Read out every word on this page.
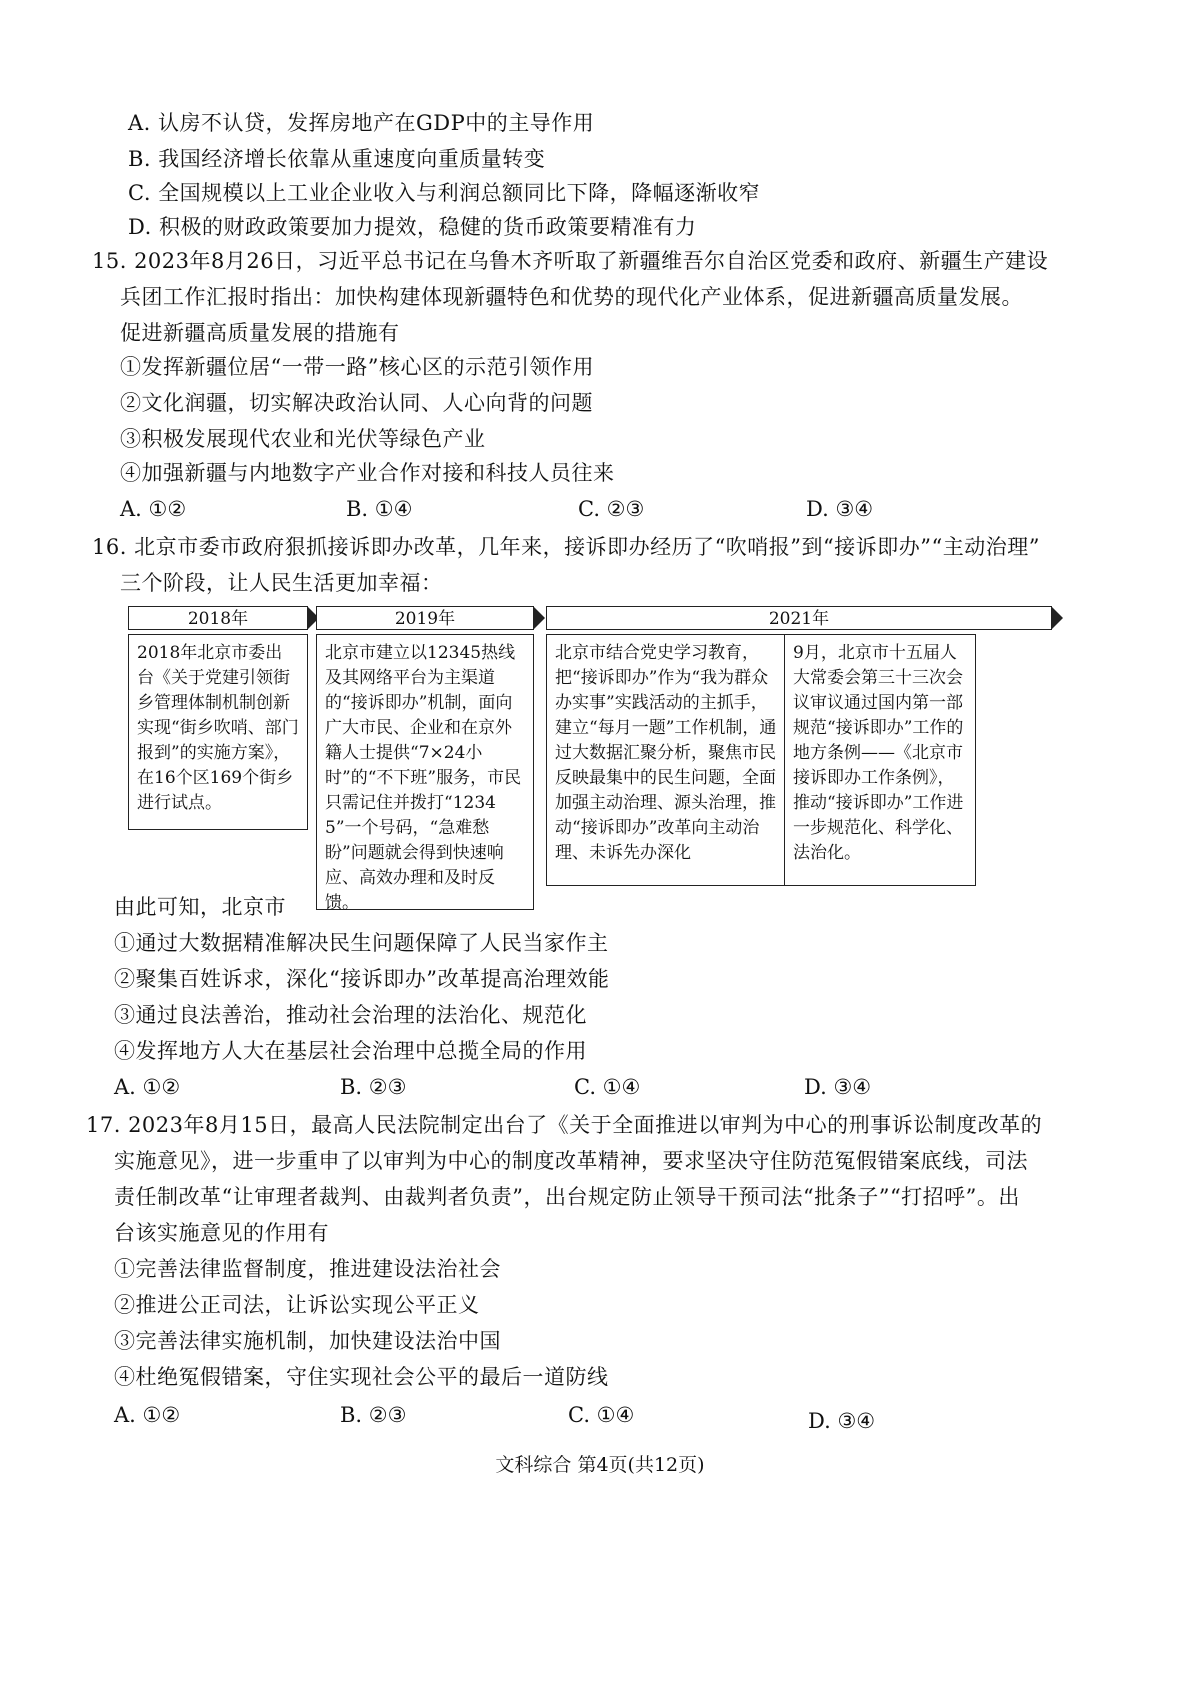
A. 认房不认贷，发挥房地产在GDP中的主导作用
B. 我国经济增长依靠从重速度向重质量转变
C. 全国规模以上工业企业收入与利润总额同比下降，降幅逐渐收窄
D. 积极的财政政策要加力提效，稳健的货币政策要精准有力
15. 2023年8月26日，习近平总书记在乌鲁木齐听取了新疆维吾尔自治区党委和政府、新疆生产建设
兵团工作汇报时指出：加快构建体现新疆特色和优势的现代化产业体系，促进新疆高质量发展。
促进新疆高质量发展的措施有
①发挥新疆位居“一带一路”核心区的示范引领作用
②文化润疆，切实解决政治认同、人心向背的问题
③积极发展现代农业和光伏等绿色产业
④加强新疆与内地数字产业合作对接和科技人员往来
A. ①②	B. ①④	C. ②③	D. ③④
16. 北京市委市政府狠抓接诉即办改革，几年来，接诉即办经历了“吹哨报”到“接诉即办”“主动治理”
三个阶段，让人民生活更加幸福：
2018年	2019年	2021年
2018年北京市委出台《关于党建引领街乡管理体制机制创新实现“街乡吹哨、部门报到”的实施方案》，在16个区169个街乡进行试点。
北京市建立以12345热线及其网络平台为主渠道的“接诉即办”机制，面向广大市民、企业和在京外籍人士提供“7×24小时”的“不下班”服务，市民只需记住并拨打“12345”一个号码，“急难愁盼”问题就会得到快速响应、高效办理和及时反馈。
北京市结合党史学习教育，把“接诉即办”作为“我为群众办实事”实践活动的主抓手，建立“每月一题”工作机制，通过大数据汇聚分析，聚焦市民反映最集中的民生问题，全面加强主动治理、源头治理，推动“接诉即办”改革向主动治理、未诉先办深化
9月，北京市十五届人大常委会第三十三次会议审议通过国内第一部规范“接诉即办”工作的地方条例——《北京市接诉即办工作条例》，推动“接诉即办”工作进一步规范化、科学化、法治化。
由此可知，北京市
①通过大数据精准解决民生问题保障了人民当家作主
②聚集百姓诉求，深化“接诉即办”改革提高治理效能
③通过良法善治，推动社会治理的法治化、规范化
④发挥地方人大在基层社会治理中总揽全局的作用
A. ①②	B. ②③	C. ①④	D. ③④
17. 2023年8月15日，最高人民法院制定出台了《关于全面推进以审判为中心的刑事诉讼制度改革的
实施意见》，进一步重申了以审判为中心的制度改革精神，要求坚决守住防范冤假错案底线，司法
责任制改革“让审理者裁判、由裁判者负责”，出台规定防止领导干预司法“批条子”“打招呼”。出
台该实施意见的作用有
①完善法律监督制度，推进建设法治社会
②推进公正司法，让诉讼实现公平正义
③完善法律实施机制，加快建设法治中国
④杜绝冤假错案，守住实现社会公平的最后一道防线
A. ①②	B. ②③	C. ①④	D. ③④
文科综合 第4页(共12页)
